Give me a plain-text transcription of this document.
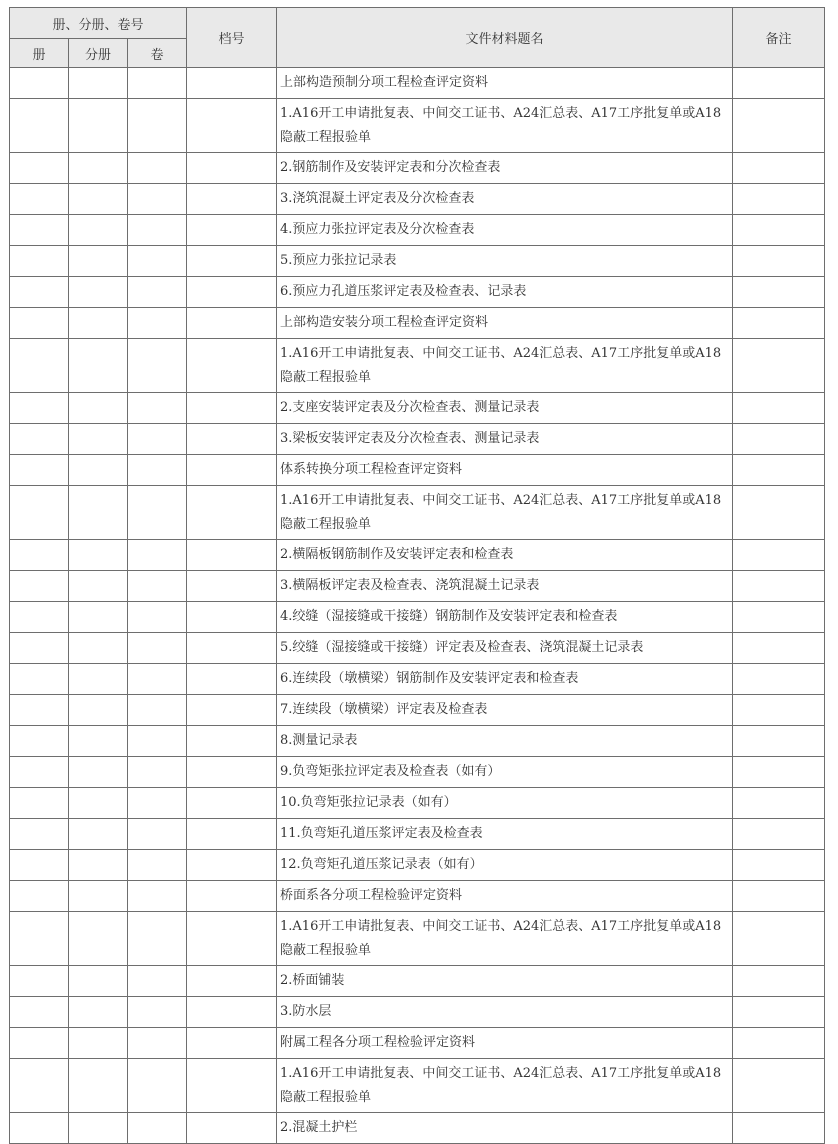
册、分册、卷号			档号	文件材料题名	备注
册	分册	卷			
				上部构造预制分项工程检查评定资料	
				1.A16开工申请批复表、中间交工证书、A24汇总表、A17工序批复单或A18隐蔽工程报验单	
				2.钢筋制作及安装评定表和分次检查表	
				3.浇筑混凝土评定表及分次检查表	
				4.预应力张拉评定表及分次检查表	
				5.预应力张拉记录表	
				6.预应力孔道压浆评定表及检查表、记录表	
				上部构造安装分项工程检查评定资料	
				1.A16开工申请批复表、中间交工证书、A24汇总表、A17工序批复单或A18隐蔽工程报验单	
				2.支座安装评定表及分次检查表、测量记录表	
				3.梁板安装评定表及分次检查表、测量记录表	
				体系转换分项工程检查评定资料	
				1.A16开工申请批复表、中间交工证书、A24汇总表、A17工序批复单或A18隐蔽工程报验单	
				2.横隔板钢筋制作及安装评定表和检查表	
				3.横隔板评定表及检查表、浇筑混凝土记录表	
				4.绞缝（湿接缝或干接缝）钢筋制作及安装评定表和检查表	
				5.绞缝（湿接缝或干接缝）评定表及检查表、浇筑混凝土记录表	
				6.连续段（墩横梁）钢筋制作及安装评定表和检查表	
				7.连续段（墩横梁）评定表及检查表	
				8.测量记录表	
				9.负弯矩张拉评定表及检查表（如有）	
				10.负弯矩张拉记录表（如有）	
				11.负弯矩孔道压浆评定表及检查表	
				12.负弯矩孔道压浆记录表（如有）	
				桥面系各分项工程检验评定资料	
				1.A16开工申请批复表、中间交工证书、A24汇总表、A17工序批复单或A18隐蔽工程报验单	
				2.桥面铺装	
				3.防水层	
				附属工程各分项工程检验评定资料	
				1.A16开工申请批复表、中间交工证书、A24汇总表、A17工序批复单或A18隐蔽工程报验单	
				2.混凝土护栏	
